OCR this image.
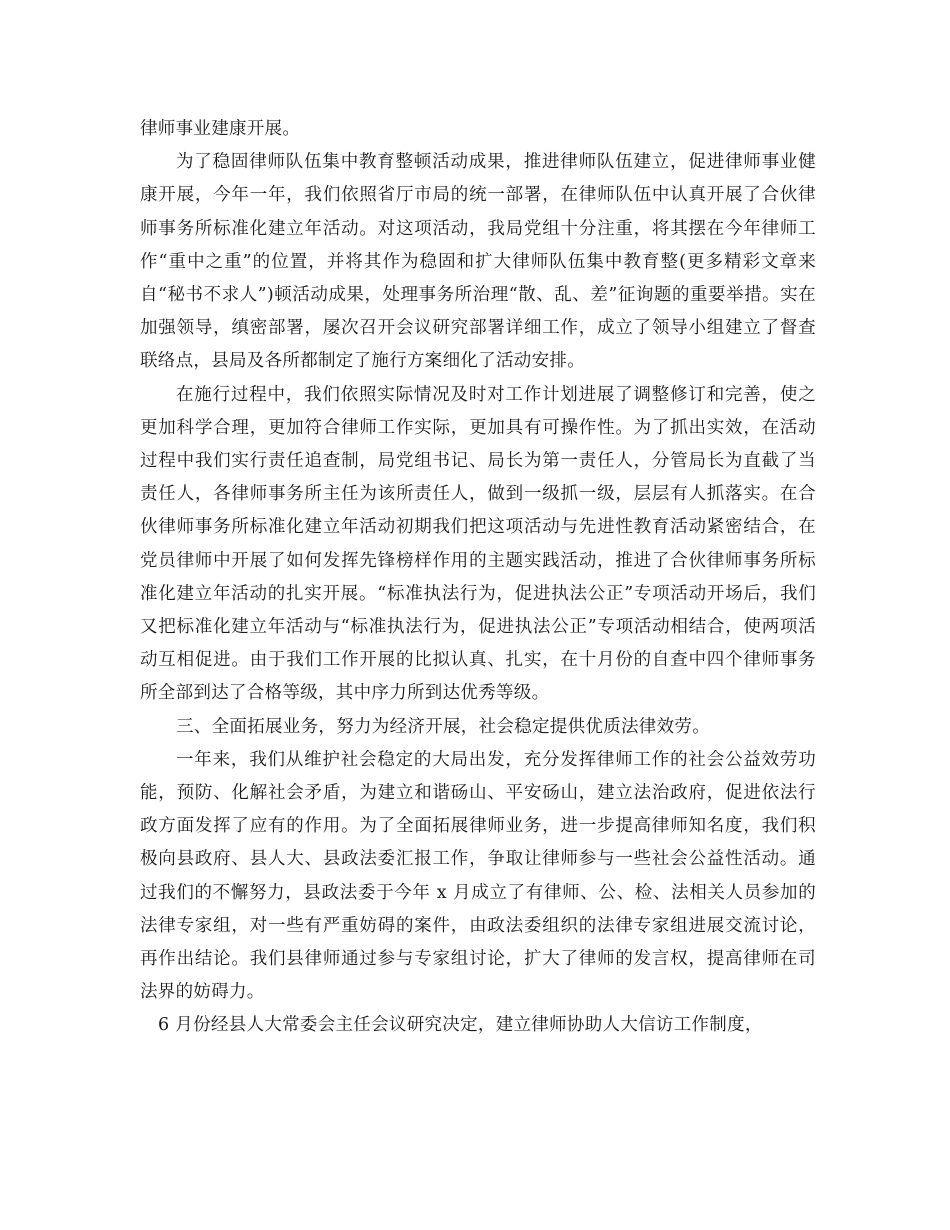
律师事业建康开展。

为了稳固律师队伍集中教育整顿活动成果，推进律师队伍建立，促进律师事业健康开展，今年一年，我们依照省厅市局的统一部署，在律师队伍中认真开展了合伙律师事务所标准化建立年活动。对这项活动，我局党组十分注重，将其摆在今年律师工作“重中之重”的位置，并将其作为稳固和扩大律师队伍集中教育整(更多精彩文章来自“秘书不求人”)顿活动成果，处理事务所治理“散、乱、差”征询题的重要举措。实在加强领导，缜密部署，屡次召开会议研究部署详细工作，成立了领导小组建立了督查联络点，县局及各所都制定了施行方案细化了活动安排。

在施行过程中，我们依照实际情况及时对工作计划进展了调整修订和完善，使之更加科学合理，更加符合律师工作实际，更加具有可操作性。为了抓出实效，在活动过程中我们实行责任追查制，局党组书记、局长为第一责任人，分管局长为直截了当责任人，各律师事务所主任为该所责任人，做到一级抓一级，层层有人抓落实。在合伙律师事务所标准化建立年活动初期我们把这项活动与先进性教育活动紧密结合，在党员律师中开展了如何发挥先锋榜样作用的主题实践活动，推进了合伙律师事务所标准化建立年活动的扎实开展。“标准执法行为，促进执法公正”专项活动开场后，我们又把标准化建立年活动与“标准执法行为，促进执法公正”专项活动相结合，使两项活动互相促进。由于我们工作开展的比拟认真、扎实，在十月份的自查中四个律师事务所全部到达了合格等级，其中序力所到达优秀等级。

三、全面拓展业务，努力为经济开展，社会稳定提供优质法律效劳。

一年来，我们从维护社会稳定的大局出发，充分发挥律师工作的社会公益效劳功能，预防、化解社会矛盾，为建立和谐砀山、平安砀山，建立法治政府，促进依法行政方面发挥了应有的作用。为了全面拓展律师业务，进一步提高律师知名度，我们积极向县政府、县人大、县政法委汇报工作，争取让律师参与一些社会公益性活动。通过我们的不懈努力，县政法委于今年 x 月成立了有律师、公、检、法相关人员参加的法律专家组，对一些有严重妨碍的案件，由政法委组织的法律专家组进展交流讨论，再作出结论。我们县律师通过参与专家组讨论，扩大了律师的发言权，提高律师在司法界的妨碍力。

6 月份经县人大常委会主任会议研究决定，建立律师协助人大信访工作制度，
